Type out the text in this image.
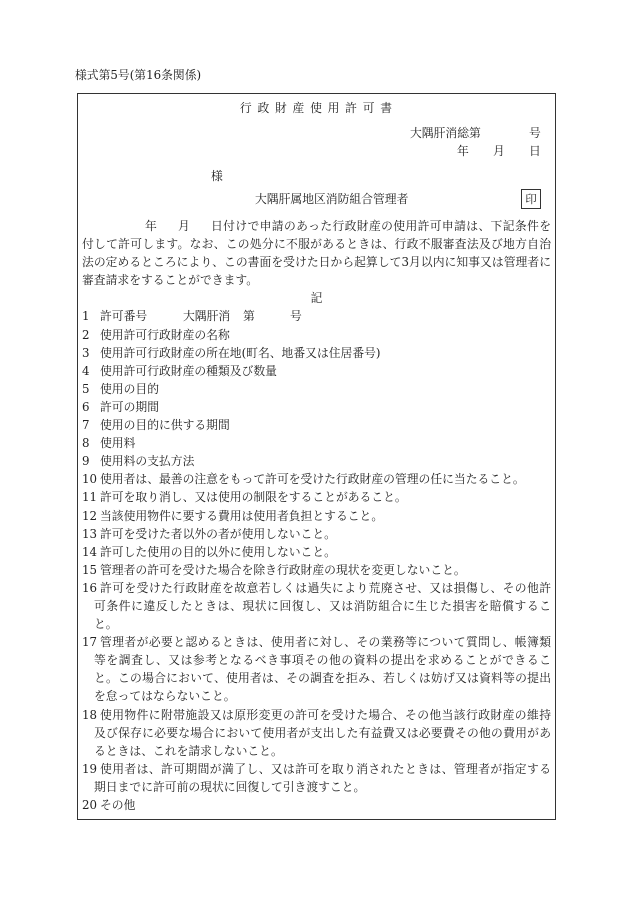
様式第5号(第16条関係)
行 政 財 産 使 用 許 可 書
大隅肝消総第	号
年 月 日
様
大隅肝属地区消防組合管理者	印
年 月 日付けで申請のあった行政財産の使用許可申請は、下記条件を
付して許可します。なお、この処分に不服があるときは、行政不服審査法及び地方自治
法の定めるところにより、この書面を受けた日から起算して3月以内に知事又は管理者に
審査請求をすることができます。
記
1 許可番号	大隅肝消 第	号
2 使用許可行政財産の名称
3 使用許可行政財産の所在地(町名、地番又は住居番号)
4 使用許可行政財産の種類及び数量
5 使用の目的
6 許可の期間
7 使用の目的に供する期間
8 使用料
9 使用料の支払方法
10 使用者は、最善の注意をもって許可を受けた行政財産の管理の任に当たること。
11 許可を取り消し、又は使用の制限をすることがあること。
12 当該使用物件に要する費用は使用者負担とすること。
13 許可を受けた者以外の者が使用しないこと。
14 許可した使用の目的以外に使用しないこと。
15 管理者の許可を受けた場合を除き行政財産の現状を変更しないこと。
16 許可を受けた行政財産を故意若しくは過失により荒廃させ、又は損傷し、その他許
可条件に違反したときは、現状に回復し、又は消防組合に生じた損害を賠償するこ
と。
17 管理者が必要と認めるときは、使用者に対し、その業務等について質問し、帳簿類
等を調査し、又は参考となるべき事項その他の資料の提出を求めることができるこ
と。この場合において、使用者は、その調査を拒み、若しくは妨げ又は資料等の提出
を怠ってはならないこと。
18 使用物件に附帯施設又は原形変更の許可を受けた場合、その他当該行政財産の維持
及び保存に必要な場合において使用者が支出した有益費又は必要費その他の費用があ
るときは、これを請求しないこと。
19 使用者は、許可期間が満了し、又は許可を取り消されたときは、管理者が指定する
期日までに許可前の現状に回復して引き渡すこと。
20 その他
